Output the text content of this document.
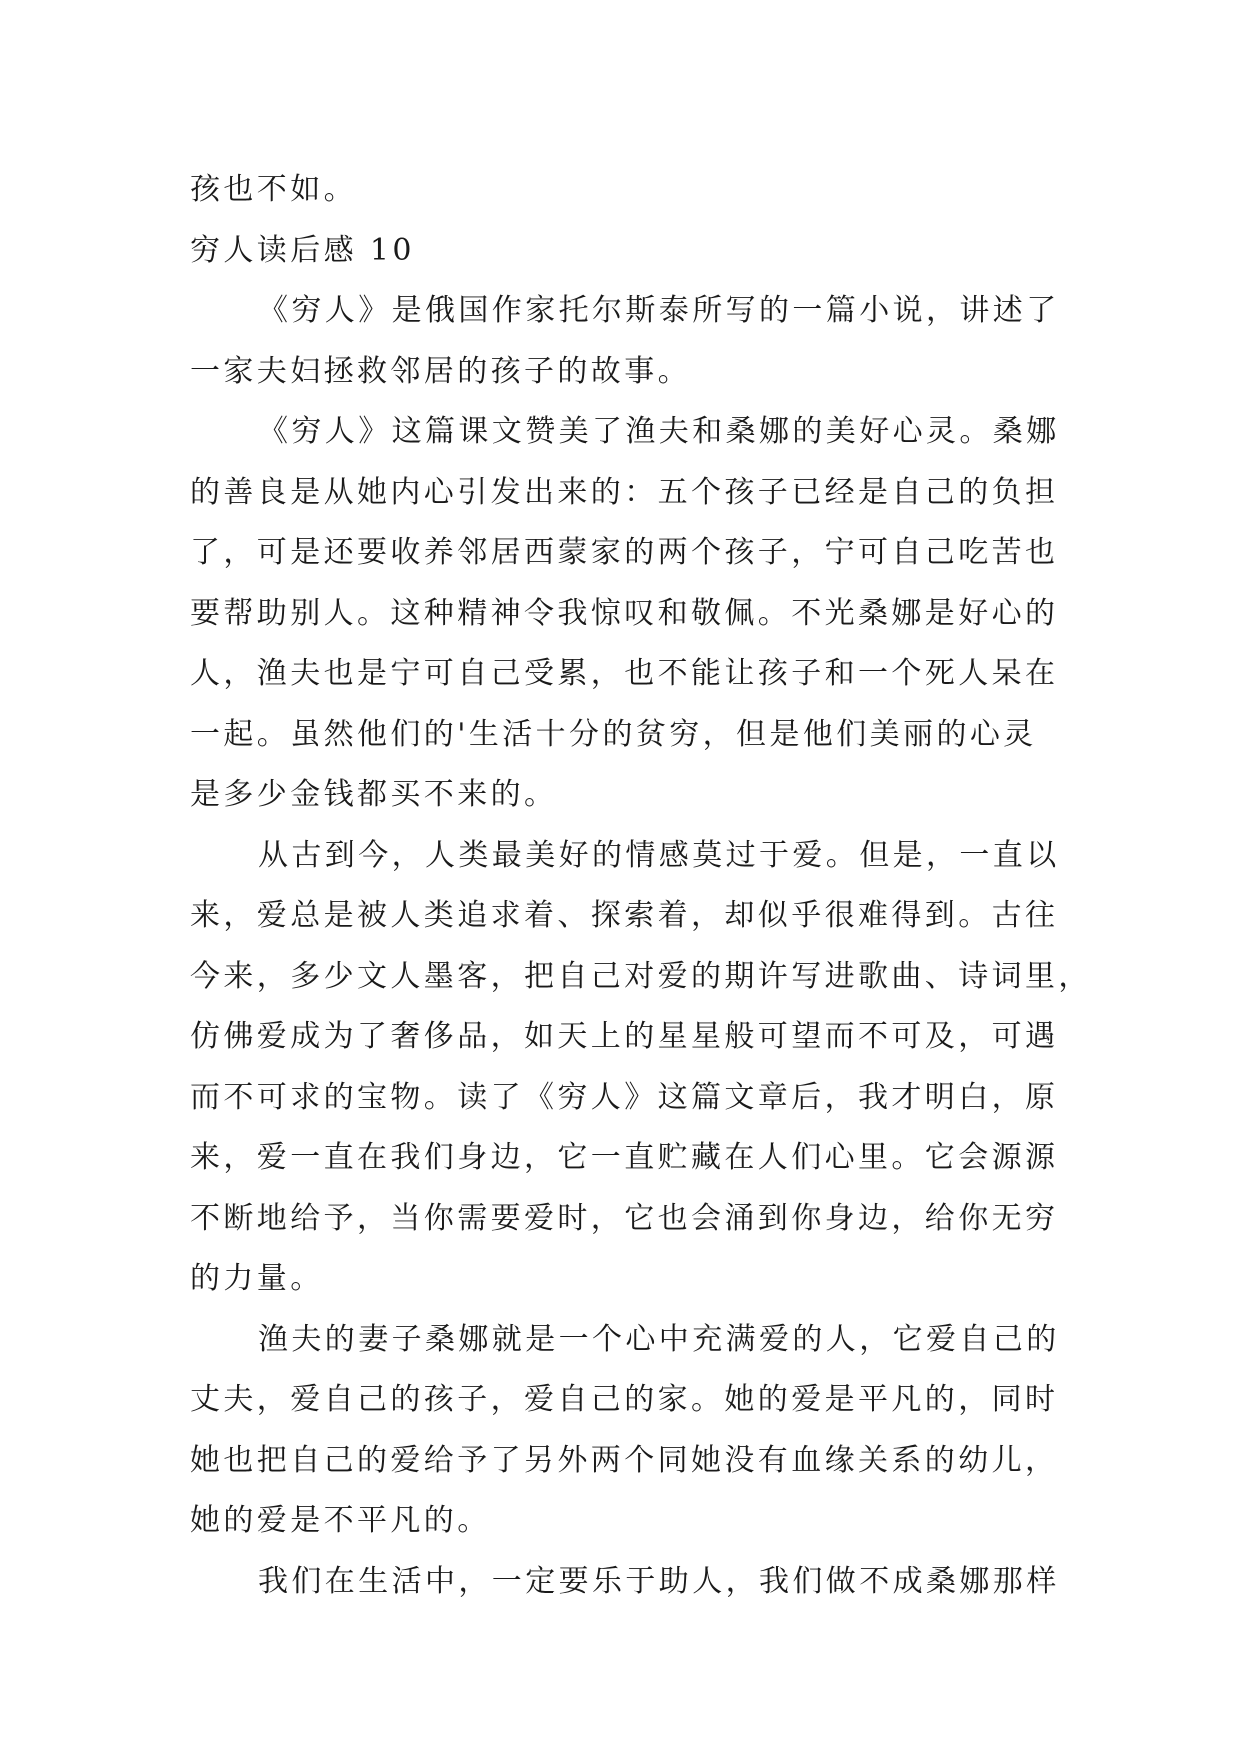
孩也不如。
穷人读后感 10
《穷人》是俄国作家托尔斯泰所写的一篇小说，讲述了
一家夫妇拯救邻居的孩子的故事。
《穷人》这篇课文赞美了渔夫和桑娜的美好心灵。桑娜
的善良是从她内心引发出来的：五个孩子已经是自己的负担
了，可是还要收养邻居西蒙家的两个孩子，宁可自己吃苦也
要帮助别人。这种精神令我惊叹和敬佩。不光桑娜是好心的
人，渔夫也是宁可自己受累，也不能让孩子和一个死人呆在
一起。虽然他们的'生活十分的贫穷，但是他们美丽的心灵
是多少金钱都买不来的。
从古到今，人类最美好的情感莫过于爱。但是，一直以
来，爱总是被人类追求着、探索着，却似乎很难得到。古往
今来，多少文人墨客，把自己对爱的期许写进歌曲、诗词里，
仿佛爱成为了奢侈品，如天上的星星般可望而不可及，可遇
而不可求的宝物。读了《穷人》这篇文章后，我才明白，原
来，爱一直在我们身边，它一直贮藏在人们心里。它会源源
不断地给予，当你需要爱时，它也会涌到你身边，给你无穷
的力量。
渔夫的妻子桑娜就是一个心中充满爱的人，它爱自己的
丈夫，爱自己的孩子，爱自己的家。她的爱是平凡的，同时
她也把自己的爱给予了另外两个同她没有血缘关系的幼儿，
她的爱是不平凡的。
我们在生活中，一定要乐于助人，我们做不成桑娜那样
